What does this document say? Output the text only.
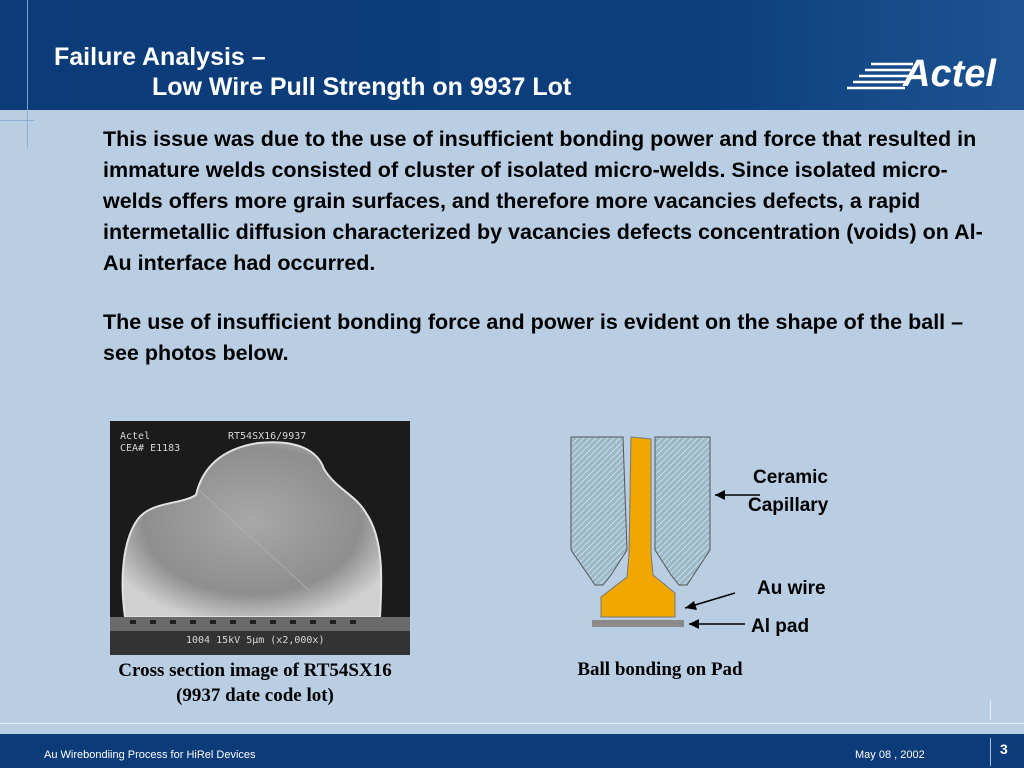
Failure Analysis –
Low Wire Pull Strength on 9937 Lot	Actel

This issue was due to the use of insufficient bonding power and force that resulted in immature welds consisted of cluster of isolated micro-welds. Since isolated micro-welds offers more grain surfaces, and therefore more vacancies defects, a rapid intermetallic diffusion characterized by vacancies defects concentration (voids) on Al-Au interface had occurred.

The use of insufficient bonding force and power is evident on the shape of the ball – see photos below.

Actel
CEA# E1183
RT54SX16/9937
1004 15kV 5μm (x2,000x)
Cross section image of RT54SX16
(9937 date code lot)
Ceramic
Capillary
Au wire
Al pad
Ball bonding on Pad
Au Wirebondiing Process for HiRel Devices	May 08 , 2002	3
